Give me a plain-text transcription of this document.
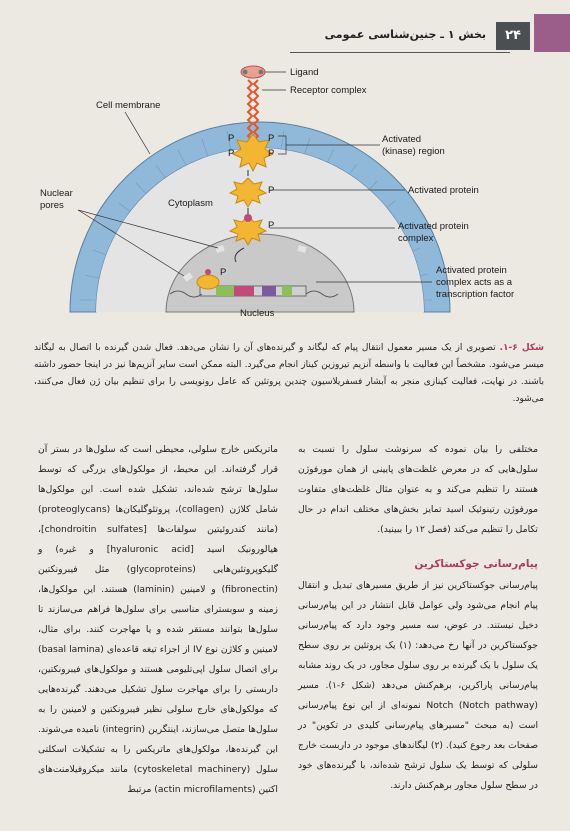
۲۴
بخش ۱ ـ جنین‌شناسی عمومی
Ligand
Receptor complex
Cell membrane
Activated
(kinase) region
Nuclear
pores	Cytoplasm
Activated protein
Activated protein
complex
Activated protein
complex acts as a
transcription factor
Nucleus
P	P
P	P
P
P
P
شکل ۶-۱. تصویری از یک مسیر معمول انتقال پیام که لیگاند و گیرنده‌های آن را نشان می‌دهد. فعال شدن گیرنده با اتصال به لیگاند میسر می‌شود. مشخصاً این فعالیت با واسطه آنزیم تیروزین کیناز انجام می‌گیرد. البته ممکن است سایر آنزیم‌ها نیز در اینجا حضور داشته باشند. در نهایت، فعالیت کینازی منجر به آبشار فسفریلاسیون چندین پروتئین که عامل رونویسی را برای تنظیم بیان ژن فعال می‌کنند، می‌شود.

مختلفی را بیان نموده که سرنوشت سلول را نسبت به سلول‌هایی که در معرض غلظت‌های پایینی از همان مورفوژن هستند را تنظیم می‌کند و به عنوان مثال غلظت‌های متفاوت مورفوژن رتینوئیک اسید تمایز بخش‌های مختلف اندام در حال تکامل را تنظیم می‌کند (فصل ۱۲ را ببینید).

پیام‌رسانی جوکستاکرین

پیام‌رسانی جوکستاکرین نیز از طریق مسیرهای تبدیل و انتقال پیام انجام می‌شود ولی عوامل قابل انتشار در این پیام‌رسانی دخیل نیستند. در عوض، سه مسیر وجود دارد که پیام‌رسانی جوکستاکرین در آنها رخ می‌دهد: (۱) یک پروتئین بر روی سطح یک سلول با یک گیرنده بر روی سلول مجاور، در یک روند مشابه پیام‌رسانی پاراکرین، برهم‌کنش می‌دهد (شکل ۶-۱). مسیر Notch (Notch pathway) نمونه‌ای از این نوع پیام‌رسانی است (به مبحث "مسیرهای پیام‌رسانی کلیدی در تکوین" در صفحات بعد رجوع کنید). (۲) لیگاندهای موجود در داربست خارج سلولی که توسط یک سلول ترشح شده‌اند، با گیرنده‌های خود در سطح سلول مجاور برهم‌کنش دارند.

ماتریکس خارج سلولی، محیطی است که سلول‌ها در بستر آن قرار گرفته‌اند. این محیط، از مولکول‌های بزرگی که توسط سلول‌ها ترشح شده‌اند، تشکیل شده است. این مولکول‌ها شامل کلاژن (collagen)، پروتئوگلیکان‌ها (proteoglycans) (مانند کندروئیتین سولفات‌ها [chondroitin sulfates]، هیالورونیک اسید [hyaluronic acid] و غیره) و گلیکوپروتئین‌هایی (glycoproteins) مثل فیبرونکتین (fibronectin) و لامینین (laminin) هستند. این مولکول‌ها، زمینه و سوبسترای مناسبی برای سلول‌ها فراهم می‌سازند تا سلول‌ها بتوانند مستقر شده و یا مهاجرت کنند. برای مثال، لامینین و کلاژن نوع IV از اجزاء تیغه قاعده‌ای (basal lamina) برای اتصال سلول اپی‌تلیومی هستند و مولکول‌های فیبرونکتین، داربستی را برای مهاجرت سلول تشکیل می‌دهند. گیرنده‌هایی که مولکول‌های خارج سلولی نظیر فیبرونکتین و لامینین را به سلول‌ها متصل می‌سازند، اینتگرین (integrin) نامیده می‌شوند. این گیرنده‌ها، مولکول‌های ماتریکس را به تشکیلات اسکلتی سلول (cytoskeletal machinery) مانند میکروفیلامنت‌های اکتین (actin microfilaments) مرتبط
